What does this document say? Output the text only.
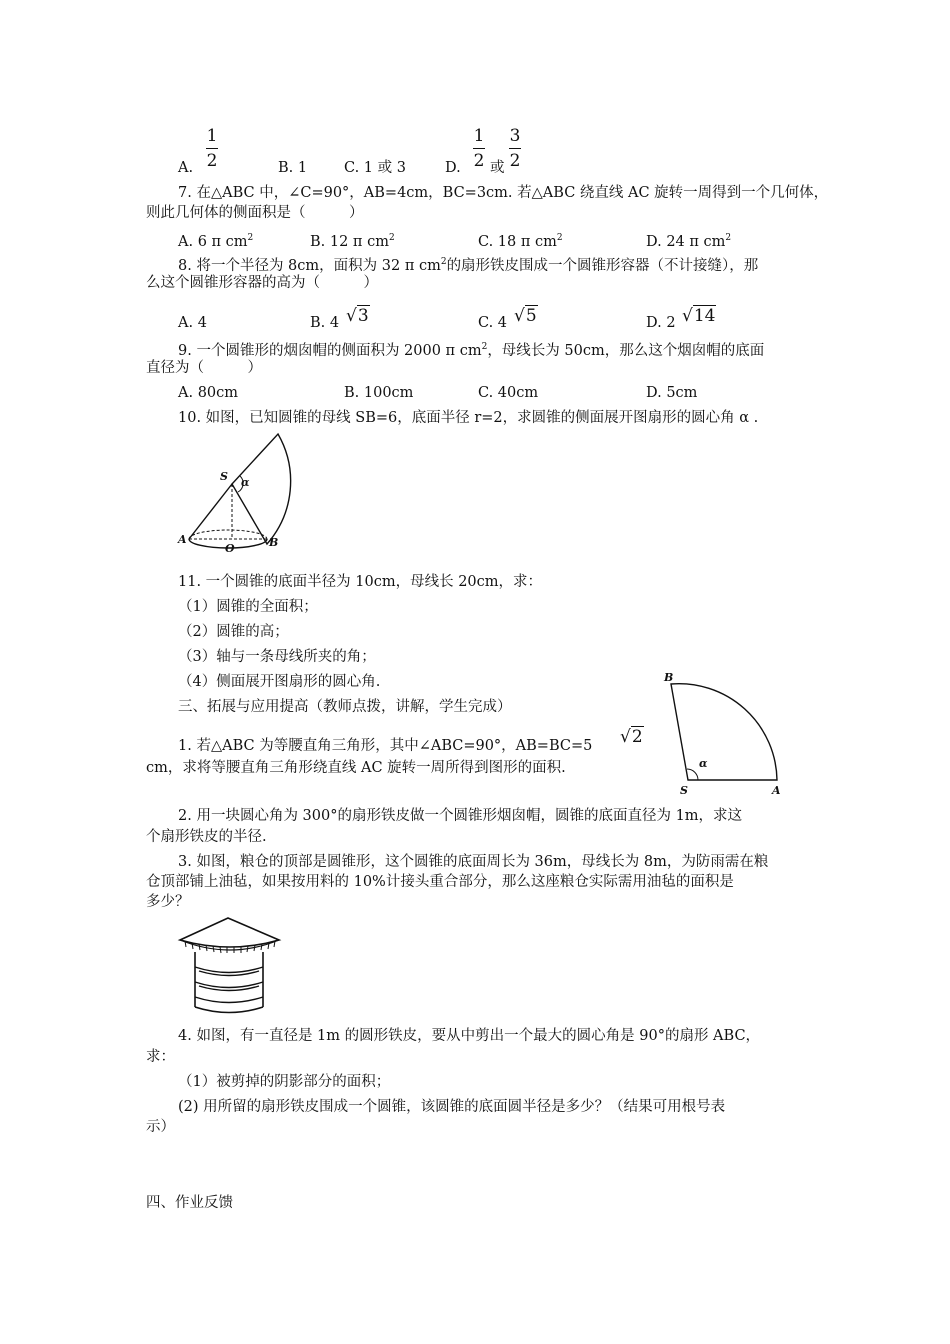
A.
1
2	B. 1	C. 1 或 3	D.
1
2 或
3
2
7. 在△ABC 中，∠C=90°，AB=4cm，BC=3cm. 若△ABC 绕直线 AC 旋转一周得到一个几何体，
则此几何体的侧面积是（　　　）
A. 6 π $cm^2$	B. 12 π $cm^2$	C. 18 π $cm^2$	D. 24 π $cm^2$
8. 将一个半径为 8cm，面积为 32 π $cm^2$的扇形铁皮围成一个圆锥形容器（不计接缝），那
么这个圆锥形容器的高为（　　　）
A. 4	B. 4 √3	C. 4 √5	D. 2 √14
9. 一个圆锥形的烟囱帽的侧面积为 2000 π $cm^2$，母线长为 50cm，那么这个烟囱帽的底面
直径为（　　　）
A. 80cm	B. 100cm	C. 40cm	D. 5cm
10. 如图，已知圆锥的母线 SB=6，底面半径 r=2，求圆锥的侧面展开图扇形的圆心角 α .
S α
A
O	B
11. 一个圆锥的底面半径为 10cm，母线长 20cm，求：
（1）圆锥的全面积；
（2）圆锥的高；
（3）轴与一条母线所夹的角；
（4）侧面展开图扇形的圆心角.
三、拓展与应用提高（教师点拨，讲解，学生完成）
B
S
α
A
1. 若△ABC 为等腰直角三角形，其中∠ABC=90°，AB=BC=5 √2
cm，求将等腰直角三角形绕直线 AC 旋转一周所得到图形的面积.
2. 用一块圆心角为 300°的扇形铁皮做一个圆锥形烟囱帽，圆锥的底面直径为 1m，求这
个扇形铁皮的半径.
3. 如图，粮仓的顶部是圆锥形，这个圆锥的底面周长为 36m，母线长为 8m，为防雨需在粮
仓顶部铺上油毡，如果按用料的 10%计接头重合部分，那么这座粮仓实际需用油毡的面积是
多少？
4. 如图，有一直径是 1m 的圆形铁皮，要从中剪出一个最大的圆心角是 90°的扇形 ABC，
求：
（1）被剪掉的阴影部分的面积；
(2) 用所留的扇形铁皮围成一个圆锥，该圆锥的底面圆半径是多少？（结果可用根号表
示）
四、作业反馈
